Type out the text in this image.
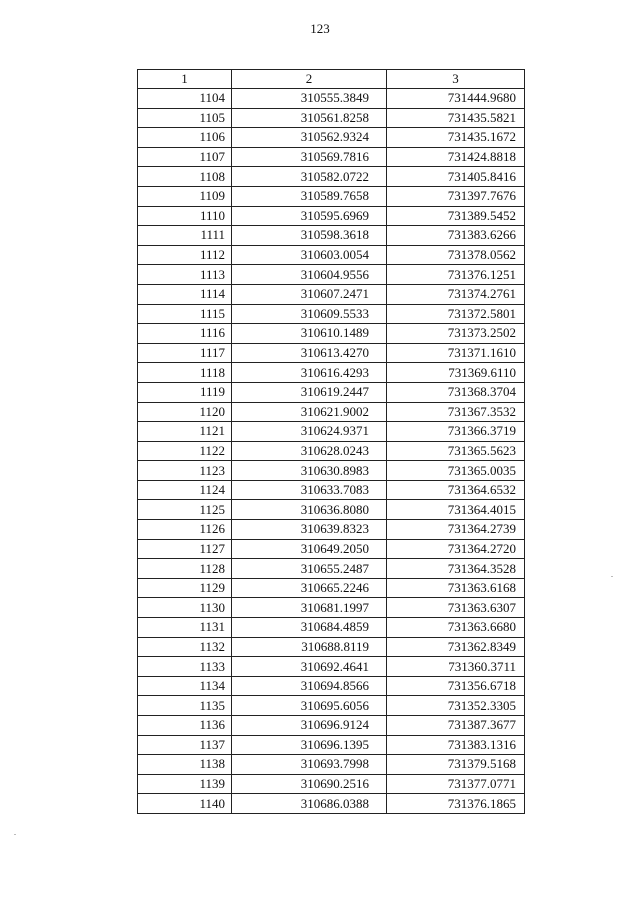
123
1	2	3
1104	310555.3849	731444.9680
1105	310561.8258	731435.5821
1106	310562.9324	731435.1672
1107	310569.7816	731424.8818
1108	310582.0722	731405.8416
1109	310589.7658	731397.7676
1110	310595.6969	731389.5452
1111	310598.3618	731383.6266
1112	310603.0054	731378.0562
1113	310604.9556	731376.1251
1114	310607.2471	731374.2761
1115	310609.5533	731372.5801
1116	310610.1489	731373.2502
1117	310613.4270	731371.1610
1118	310616.4293	731369.6110
1119	310619.2447	731368.3704
1120	310621.9002	731367.3532
1121	310624.9371	731366.3719
1122	310628.0243	731365.5623
1123	310630.8983	731365.0035
1124	310633.7083	731364.6532
1125	310636.8080	731364.4015
1126	310639.8323	731364.2739
1127	310649.2050	731364.2720
1128	310655.2487	731364.3528
1129	310665.2246	731363.6168
1130	310681.1997	731363.6307
1131	310684.4859	731363.6680
1132	310688.8119	731362.8349
1133	310692.4641	731360.3711
1134	310694.8566	731356.6718
1135	310695.6056	731352.3305
1136	310696.9124	731387.3677
1137	310696.1395	731383.1316
1138	310693.7998	731379.5168
1139	310690.2516	731377.0771
1140	310686.0388	731376.1865
